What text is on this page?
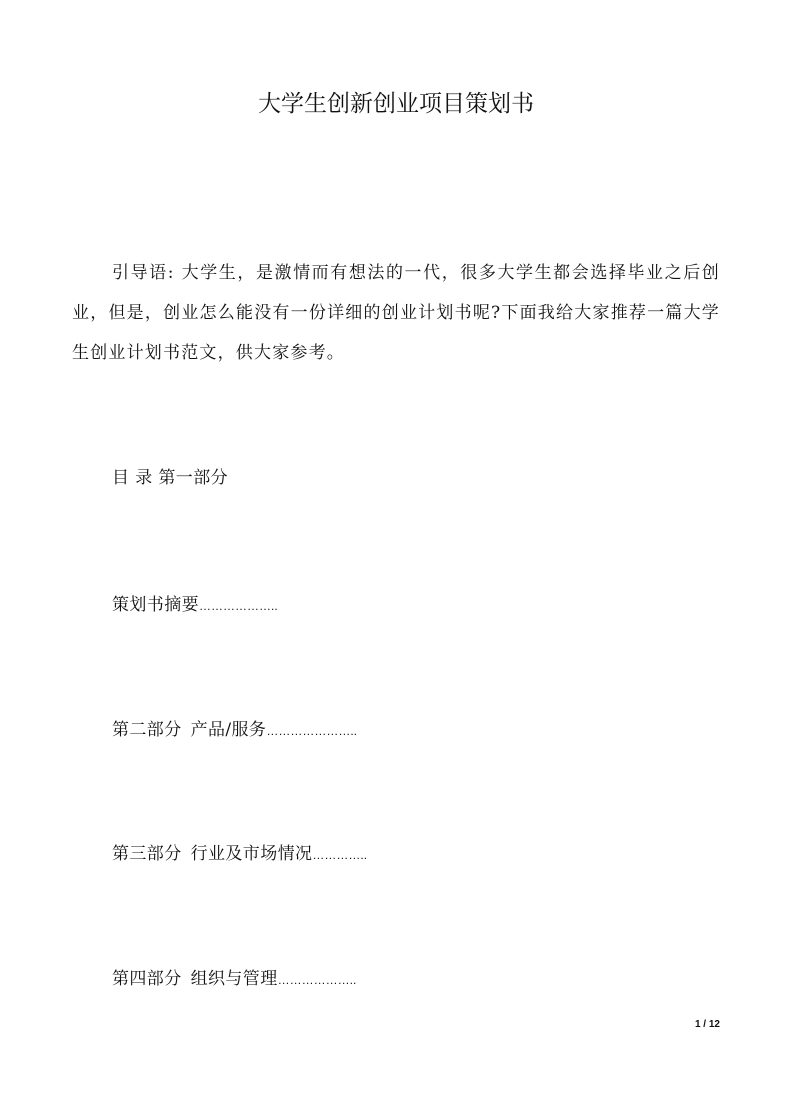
大学生创新创业项目策划书
引导语: 大学生，是激情而有想法的一代，很多大学生都会选择毕业之后创业，但是，创业怎么能没有一份详细的创业计划书呢?下面我给大家推荐一篇大学生创业计划书范文，供大家参考。
目 录 第一部分
策划书摘要………………..
第二部分 产品/服务…………………..
第三部分 行业及市场情况…………..
第四部分 组织与管理………………..
1 / 12
